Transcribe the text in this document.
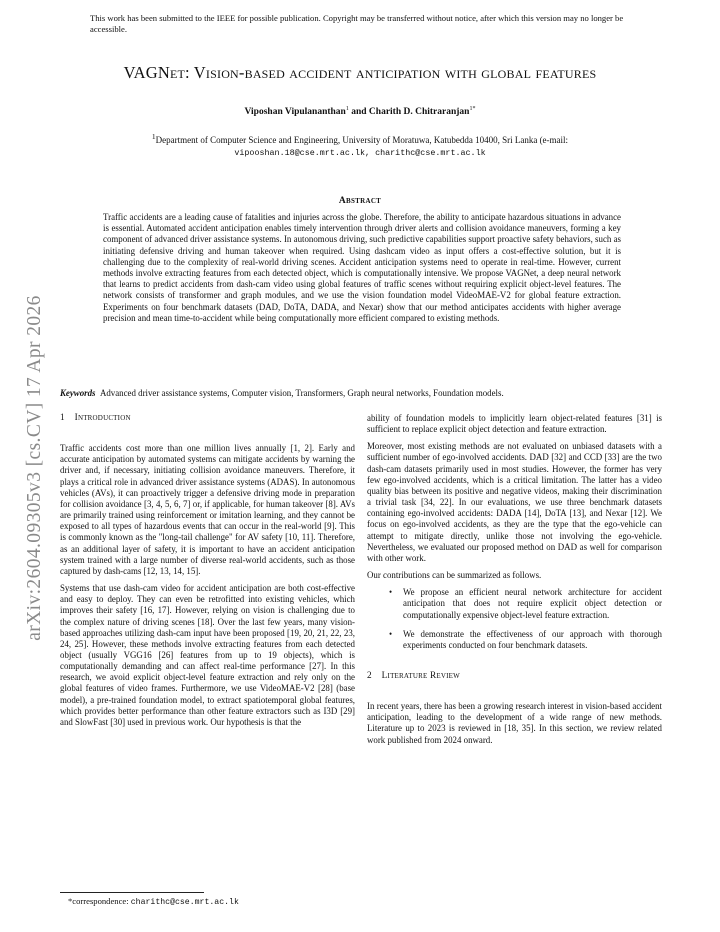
This work has been submitted to the IEEE for possible publication. Copyright may be transferred without notice, after which this version may no longer be accessible.
arXiv:2604.09305v3 [cs.CV] 17 Apr 2026
VAGNet: Vision-based accident anticipation with global features
Viposhan Vipulananthan$^1$ and Charith D. Chitraranjan$^{1*}$
$^1$Department of Computer Science and Engineering, University of Moratuwa, Katubedda 10400, Sri Lanka (e-mail:
vipooshan.18@cse.mrt.ac.lk, charithc@cse.mrt.ac.lk
Abstract
Traffic accidents are a leading cause of fatalities and injuries across the globe. Therefore, the ability to anticipate hazardous situations in advance is essential. Automated accident anticipation enables timely intervention through driver alerts and collision avoidance maneuvers, forming a key component of advanced driver assistance systems. In autonomous driving, such predictive capabilities support proactive safety behaviors, such as initiating defensive driving and human takeover when required. Using dashcam video as input offers a cost-effective solution, but it is challenging due to the complexity of real-world driving scenes. Accident anticipation systems need to operate in real-time. However, current methods involve extracting features from each detected object, which is computationally intensive. We propose VAGNet, a deep neural network that learns to predict accidents from dash-cam video using global features of traffic scenes without requiring explicit object-level features. The network consists of transformer and graph modules, and we use the vision foundation model VideoMAE-V2 for global feature extraction. Experiments on four benchmark datasets (DAD, DoTA, DADA, and Nexar) show that our method anticipates accidents with higher average precision and mean time-to-accident while being computationally more efficient compared to existing methods.
Keywords Advanced driver assistance systems, Computer vision, Transformers, Graph neural networks, Foundation models.
1 Introduction

Traffic accidents cost more than one million lives annually [1, 2]. Early and accurate anticipation by automated systems can mitigate accidents by warning the driver and, if necessary, initiating collision avoidance maneuvers. Therefore, it plays a critical role in advanced driver assistance systems (ADAS). In autonomous vehicles (AVs), it can proactively trigger a defensive driving mode in preparation for collision avoidance [3, 4, 5, 6, 7] or, if applicable, for human takeover [8]. AVs are primarily trained using reinforcement or imitation learning, and they cannot be exposed to all types of hazardous events that can occur in the real-world [9]. This is commonly known as the "long-tail challenge" for AV safety [10, 11]. Therefore, as an additional layer of safety, it is important to have an accident anticipation system trained with a large number of diverse real-world accidents, such as those captured by dash-cams [12, 13, 14, 15].

Systems that use dash-cam video for accident anticipation are both cost-effective and easy to deploy. They can even be retrofitted into existing vehicles, which improves their safety [16, 17]. However, relying on vision is challenging due to the complex nature of driving scenes [18]. Over the last few years, many vision-based approaches utilizing dash-cam input have been proposed [19, 20, 21, 22, 23, 24, 25]. However, these methods involve extracting features from each detected object (usually VGG16 [26] features from up to 19 objects), which is computationally demanding and can affect real-time performance [27]. In this research, we avoid explicit object-level feature extraction and rely only on the global features of video frames. Furthermore, we use VideoMAE-V2 [28] (base model), a pre-trained foundation model, to extract spatiotemporal global features, which provides better performance than other feature extractors such as I3D [29] and SlowFast [30] used in previous work. Our hypothesis is that the

ability of foundation models to implicitly learn object-related features [31] is sufficient to replace explicit object detection and feature extraction.

Moreover, most existing methods are not evaluated on unbiased datasets with a sufficient number of ego-involved accidents. DAD [32] and CCD [33] are the two dash-cam datasets primarily used in most studies. However, the former has very few ego-involved accidents, which is a critical limitation. The latter has a video quality bias between its positive and negative videos, making their discrimination a trivial task [34, 22]. In our evaluations, we use three benchmark datasets containing ego-involved accidents: DADA [14], DoTA [13], and Nexar [12]. We focus on ego-involved accidents, as they are the type that the ego-vehicle can attempt to mitigate directly, unlike those not involving the ego-vehicle. Nevertheless, we evaluated our proposed method on DAD as well for comparison with other work.

Our contributions can be summarized as follows.

• We propose an efficient neural network architecture for accident anticipation that does not require explicit object detection or computationally expensive object-level feature extraction.
• We demonstrate the effectiveness of our approach with thorough experiments conducted on four benchmark datasets.
2 Literature Review

In recent years, there has been a growing research interest in vision-based accident anticipation, leading to the development of a wide range of new methods. Literature up to 2023 is reviewed in [18, 35]. In this section, we review related work published from 2024 onward.

*correspondence: charithc@cse.mrt.ac.lk
